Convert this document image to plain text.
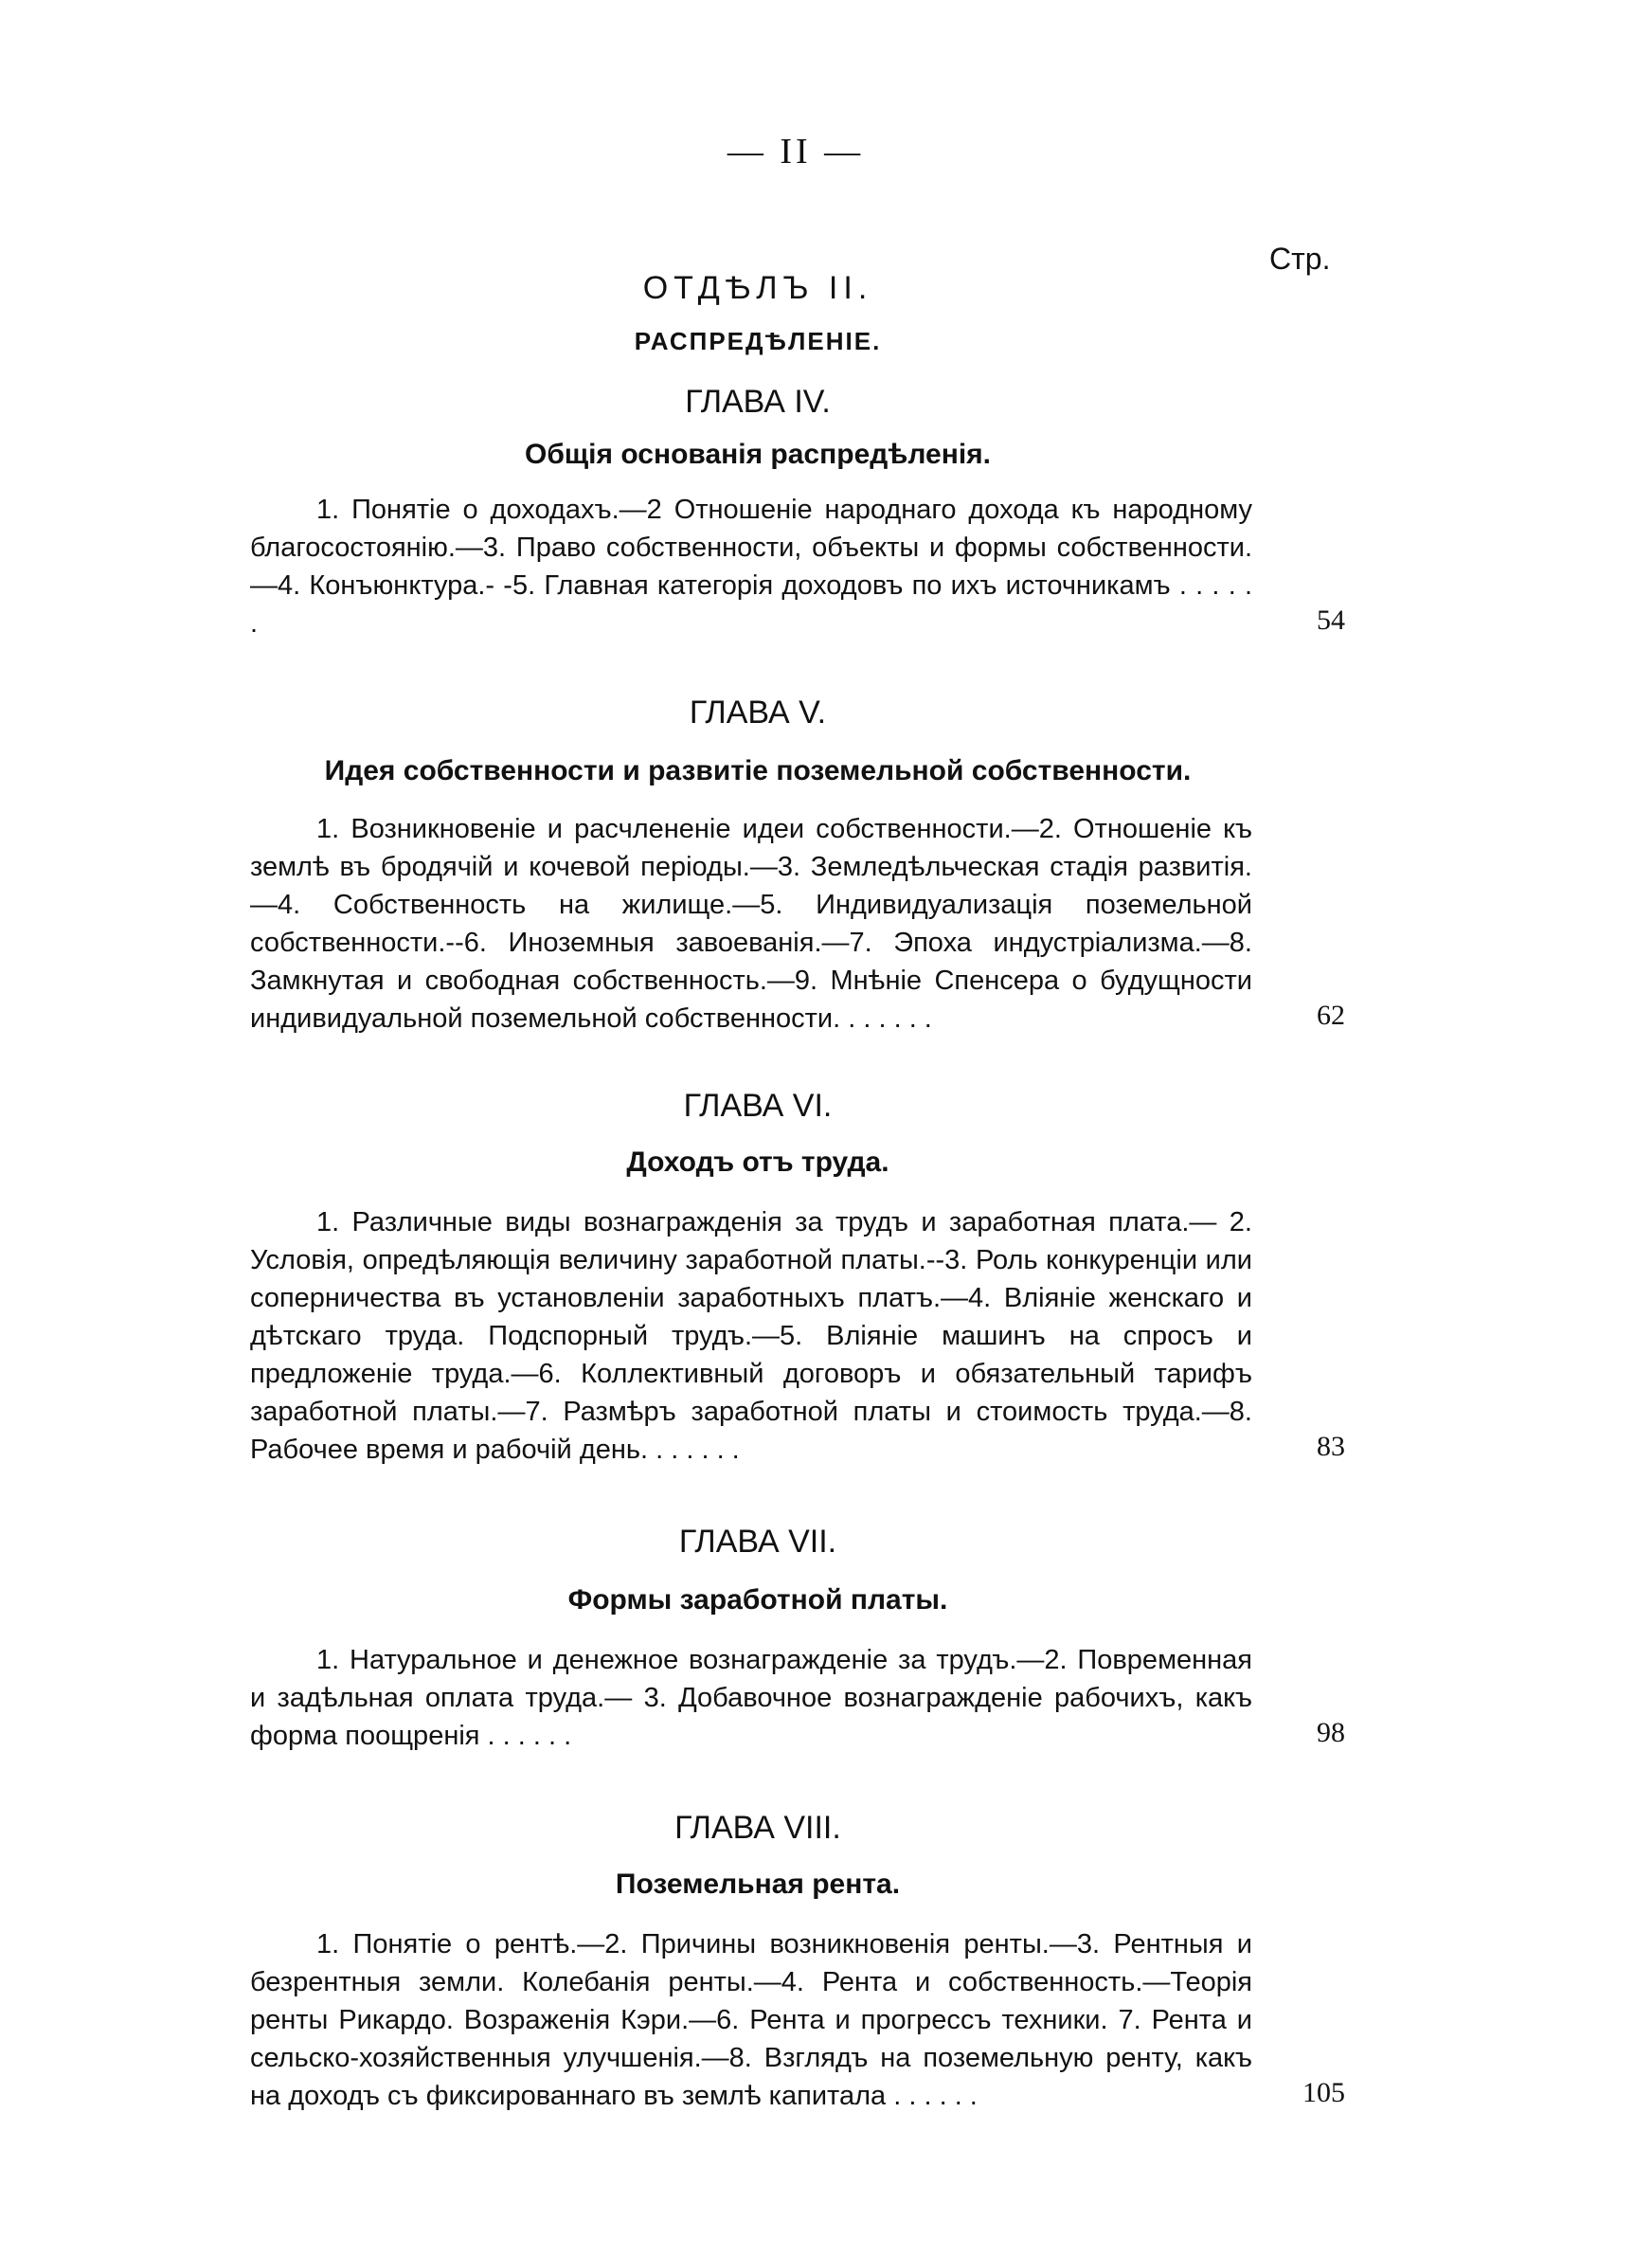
— II —
Стр.
ОТДѢЛЪ II.
РАСПРЕДѢЛЕНІЕ.
ГЛАВА IV.
Общія основанія распредѣленія.
1. Понятіе о доходахъ.—2 Отношеніе народнаго дохода къ народному благосостоянію.—3. Право собственности, объекты и формы собственности. —4. Конъюнктура.- -5. Главная категорія доходовъ по ихъ источникамъ . . . . . .	54
ГЛАВА V.
Идея собственности и развитіе поземельной собственности.
1. Возникновеніе и расчлененіе идеи собственности.—2. Отношеніе къ землѣ въ бродячій и кочевой періоды.—3. Земледѣльческая стадія развитія.—4. Собственность на жилище.—5. Индивидуализація поземельной собственности.--6. Иноземныя завоеванія.—7. Эпоха индустріализма.—8. Замкнутая и свободная собственность.—9. Мнѣніе Спенсера о будущности индивидуальной поземельной собственности. . . . . . .	62
ГЛАВА VI.
Доходъ отъ труда.
1. Различные виды вознагражденія за трудъ и заработная плата.— 2. Условія, опредѣляющія величину заработной платы.--3. Роль конкуренціи или соперничества въ установленіи заработныхъ платъ.—4. Вліяніе женскаго и дѣтскаго труда. Подспорный трудъ.—5. Вліяніе машинъ на спросъ и предложеніе труда.—6. Коллективный договоръ и обязательный тарифъ заработной платы.—7. Размѣръ заработной платы и стоимость труда.—8. Рабочее время и рабочій день. . . . . . .	83
ГЛАВА VII.
Формы заработной платы.
1. Натуральное и денежное вознагражденіе за трудъ.—2. Повременная и задѣльная оплата труда.— 3. Добавочное вознагражденіе рабочихъ, какъ форма поощренія . . . . . .	98
ГЛАВА VIII.
Поземельная рента.
1. Понятіе о рентѣ.—2. Причины возникновенія ренты.—3. Рентныя и безрентныя земли. Колебанія ренты.—4. Рента и собственность.—Теорія ренты Рикардо. Возраженія Кэри.—6. Рента и прогрессъ техники. 7. Рента и сельско-хозяйственныя улучшенія.—8. Взглядъ на поземельную ренту, какъ на доходъ съ фиксированнаго въ землѣ капитала . . . . . .	105
